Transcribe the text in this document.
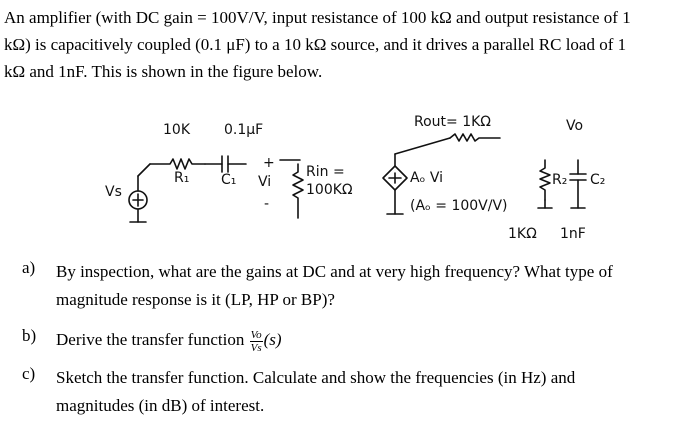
An amplifier (with DC gain = 100V/V, input resistance of 100 kΩ and output resistance of 1
kΩ) is capacitively coupled (0.1 μF) to a 10 kΩ source, and it drives a parallel RC load of 1
kΩ and 1nF. This is shown in the figure below.
10K 0.1μF
R₁ C₁
Vs
+
Vi
-
Rin =
100KΩ
Rout= 1KΩ	Vo
Aₒ Vi
(Aₒ = 100V/V)
R₂ C₂
1KΩ 1nF
a)	By inspection, what are the gains at DC and at very high frequency? What type of
magnitude response is it (LP, HP or BP)?
b)	Derive the transfer function $\frac{Vo}{Vs} (s)$
c)	Sketch the transfer function. Calculate and show the frequencies (in Hz) and
magnitudes (in dB) of interest.
